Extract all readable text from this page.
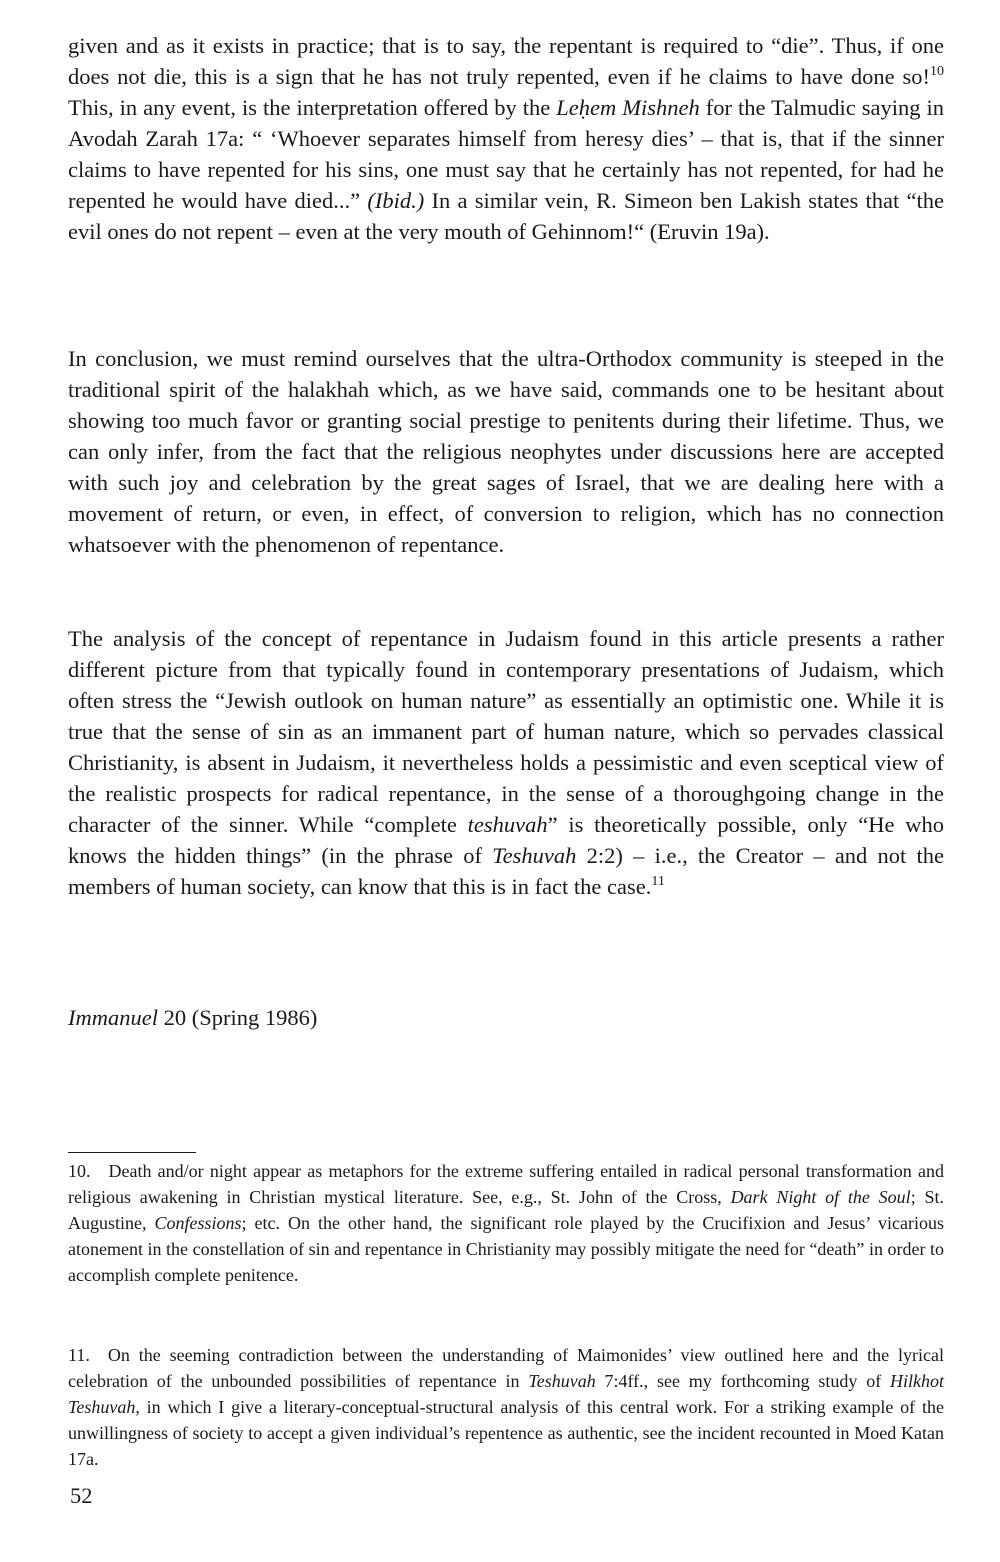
given and as it exists in practice; that is to say, the repentant is required to “die”. Thus, if one does not die, this is a sign that he has not truly repented, even if he claims to have done so!$^{10}$ This, in any event, is the interpretation offered by the Leḥem Mishneh for the Talmudic saying in Avodah Zarah 17a: “ ‘Whoever separates himself from heresy dies’ – that is, that if the sinner claims to have repented for his sins, one must say that he certainly has not repented, for had he repented he would have died...” (Ibid.) In a similar vein, R. Simeon ben Lakish states that “the evil ones do not repent – even at the very mouth of Gehinnom!“ (Eruvin 19a).

In conclusion, we must remind ourselves that the ultra-Orthodox community is steeped in the traditional spirit of the halakhah which, as we have said, commands one to be hesitant about showing too much favor or granting social prestige to penitents during their lifetime. Thus, we can only infer, from the fact that the religious neophytes under discussions here are accepted with such joy and celebration by the great sages of Israel, that we are dealing here with a movement of return, or even, in effect, of conversion to religion, which has no connection whatsoever with the phenomenon of repentance.

The analysis of the concept of repentance in Judaism found in this article presents a rather different picture from that typically found in contemporary presentations of Judaism, which often stress the “Jewish outlook on human nature” as essentially an optimistic one. While it is true that the sense of sin as an immanent part of human nature, which so pervades classical Christianity, is absent in Judaism, it nevertheless holds a pessimistic and even sceptical view of the realistic prospects for radical repentance, in the sense of a thoroughgoing change in the character of the sinner. While “complete teshuvah” is theoretically possible, only “He who knows the hidden things” (in the phrase of Teshuvah 2:2) – i.e., the Creator – and not the members of human society, can know that this is in fact the case.$^{11}$

Immanuel 20 (Spring 1986)

10. Death and/or night appear as metaphors for the extreme suffering entailed in radical personal transformation and religious awakening in Christian mystical literature. See, e.g., St. John of the Cross, Dark Night of the Soul; St. Augustine, Confessions; etc. On the other hand, the significant role played by the Crucifixion and Jesus’ vicarious atonement in the constellation of sin and repentance in Christianity may possibly mitigate the need for “death” in order to accomplish complete penitence.

11. On the seeming contradiction between the understanding of Maimonides’ view outlined here and the lyrical celebration of the unbounded possibilities of repentance in Teshuvah 7:4ff., see my forthcoming study of Hilkhot Teshuvah, in which I give a literary-conceptual-structural analysis of this central work. For a striking example of the unwillingness of society to accept a given individual’s repentence as authentic, see the incident recounted in Moed Katan 17a.

52
